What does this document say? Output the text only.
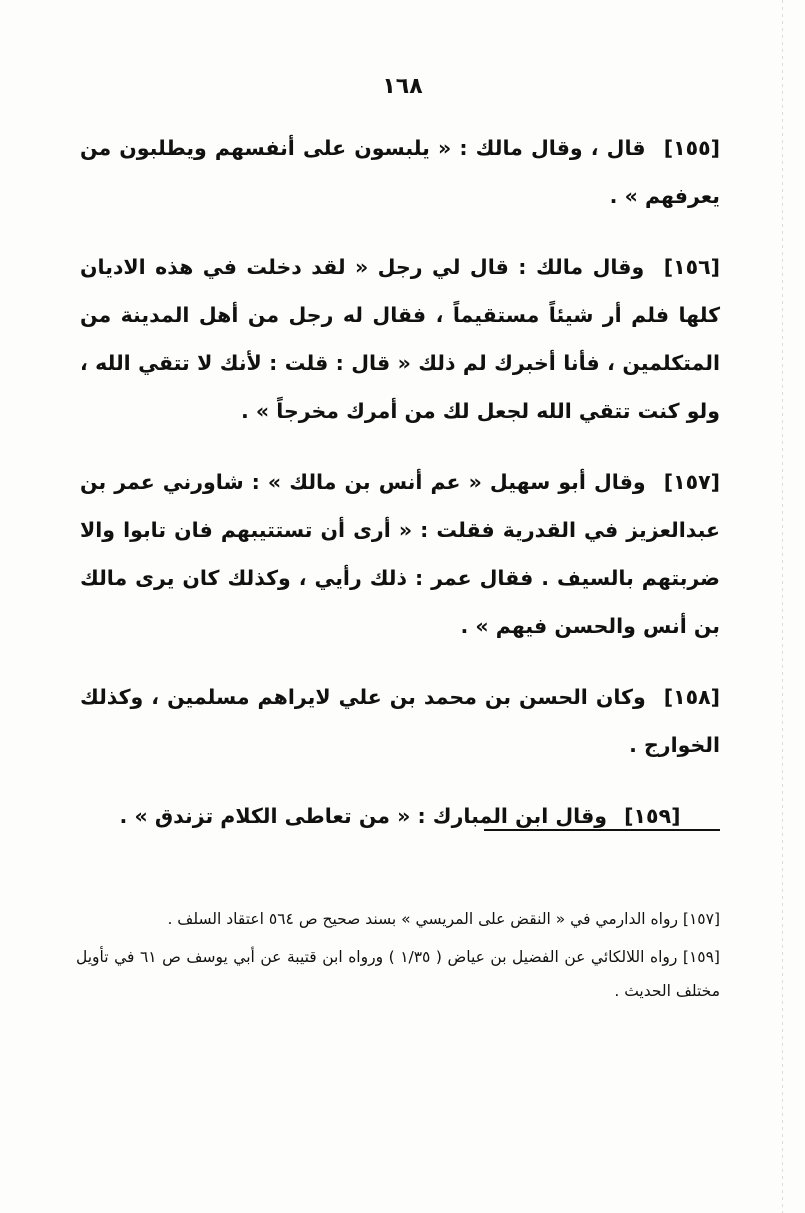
١٦٨

[١٥٥] قال ، وقال مالك : « يلبسون على أنفسهم ويطلبون من يعرفهم » .

[١٥٦] وقال مالك : قال لي رجل « لقد دخلت في هذه الاديان كلها فلم أر شيئاً مستقيماً ، فقال له رجل من أهل المدينة من المتكلمين ، فأنا أخبرك لم ذلك « قال : قلت : لأنك لا تتقي الله ، ولو كنت تتقي الله لجعل لك من أمرك مخرجاً » .

[١٥٧] وقال أبو سهيل « عم أنس بن مالك » : شاورني عمر بن عبدالعزيز في القدرية فقلت : « أرى أن تستتيبهم فان تابوا والا ضربتهم بالسيف . فقال عمر : ذلك رأيي ، وكذلك كان يرى مالك بن أنس والحسن فيهم » .

[١٥٨] وكان الحسن بن محمد بن علي لايراهم مسلمين ، وكذلك الخوارج .

[١٥٩] وقال ابن المبارك : « من تعاطى الكلام تزندق » .

[١٥٧] رواه الدارمي في « النقض على المريسي » بسند صحيح ص ٥٦٤ اعتقاد السلف .

[١٥٩] رواه اللالكائي عن الفضيل بن عياض ( ١/٣٥ ) ورواه ابن قتيبة عن أبي يوسف ص ٦١ في تأويل مختلف الحديث .
